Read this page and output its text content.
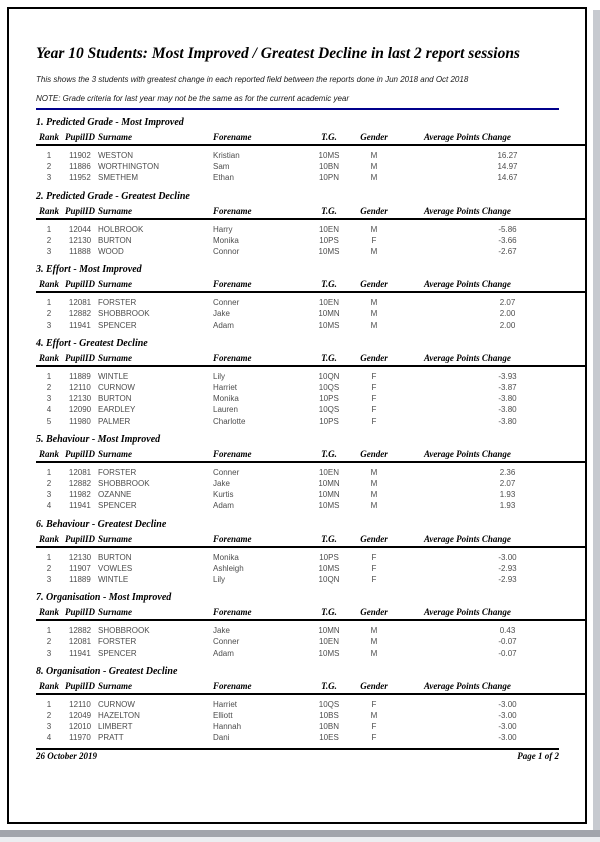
Year 10 Students: Most Improved / Greatest Decline in last 2 report sessions
This shows the 3 students with greatest change in each reported field between the reports done in Jun 2018 and Oct 2018
NOTE: Grade criteria for last year may not be the same as for the current academic year
1. Predicted Grade - Most Improved
Rank	PupilID	Surname	Forename	T.G.	Gender	Average Points Change
1	11902	WESTON	Kristian	10MS	M	16.27
2	11886	WORTHINGTON	Sam	10BN	M	14.97
3	11952	SMETHEM	Ethan	10PN	M	14.67
2. Predicted Grade - Greatest Decline
Rank	PupilID	Surname	Forename	T.G.	Gender	Average Points Change
1	12044	HOLBROOK	Harry	10EN	M	-5.86
2	12130	BURTON	Monika	10PS	F	-3.66
3	11888	WOOD	Connor	10MS	M	-2.67
3. Effort - Most Improved
Rank	PupilID	Surname	Forename	T.G.	Gender	Average Points Change
1	12081	FORSTER	Conner	10EN	M	2.07
2	12882	SHOBBROOK	Jake	10MN	M	2.00
3	11941	SPENCER	Adam	10MS	M	2.00
4. Effort - Greatest Decline
Rank	PupilID	Surname	Forename	T.G.	Gender	Average Points Change
1	11889	WINTLE	Lily	10QN	F	-3.93
2	12110	CURNOW	Harriet	10QS	F	-3.87
3	12130	BURTON	Monika	10PS	F	-3.80
4	12090	EARDLEY	Lauren	10QS	F	-3.80
5	11980	PALMER	Charlotte	10PS	F	-3.80
5. Behaviour - Most Improved
Rank	PupilID	Surname	Forename	T.G.	Gender	Average Points Change
1	12081	FORSTER	Conner	10EN	M	2.36
2	12882	SHOBBROOK	Jake	10MN	M	2.07
3	11982	OZANNE	Kurtis	10MN	M	1.93
4	11941	SPENCER	Adam	10MS	M	1.93
6. Behaviour - Greatest Decline
Rank	PupilID	Surname	Forename	T.G.	Gender	Average Points Change
1	12130	BURTON	Monika	10PS	F	-3.00
2	11907	VOWLES	Ashleigh	10MS	F	-2.93
3	11889	WINTLE	Lily	10QN	F	-2.93
7. Organisation - Most Improved
Rank	PupilID	Surname	Forename	T.G.	Gender	Average Points Change
1	12882	SHOBBROOK	Jake	10MN	M	0.43
2	12081	FORSTER	Conner	10EN	M	-0.07
3	11941	SPENCER	Adam	10MS	M	-0.07
8. Organisation - Greatest Decline
Rank	PupilID	Surname	Forename	T.G.	Gender	Average Points Change
1	12110	CURNOW	Harriet	10QS	F	-3.00
2	12049	HAZELTON	Elliott	10BS	M	-3.00
3	12010	LIMBERT	Hannah	10BN	F	-3.00
4	11970	PRATT	Dani	10ES	F	-3.00
26 October 2019	Page 1 of 2
